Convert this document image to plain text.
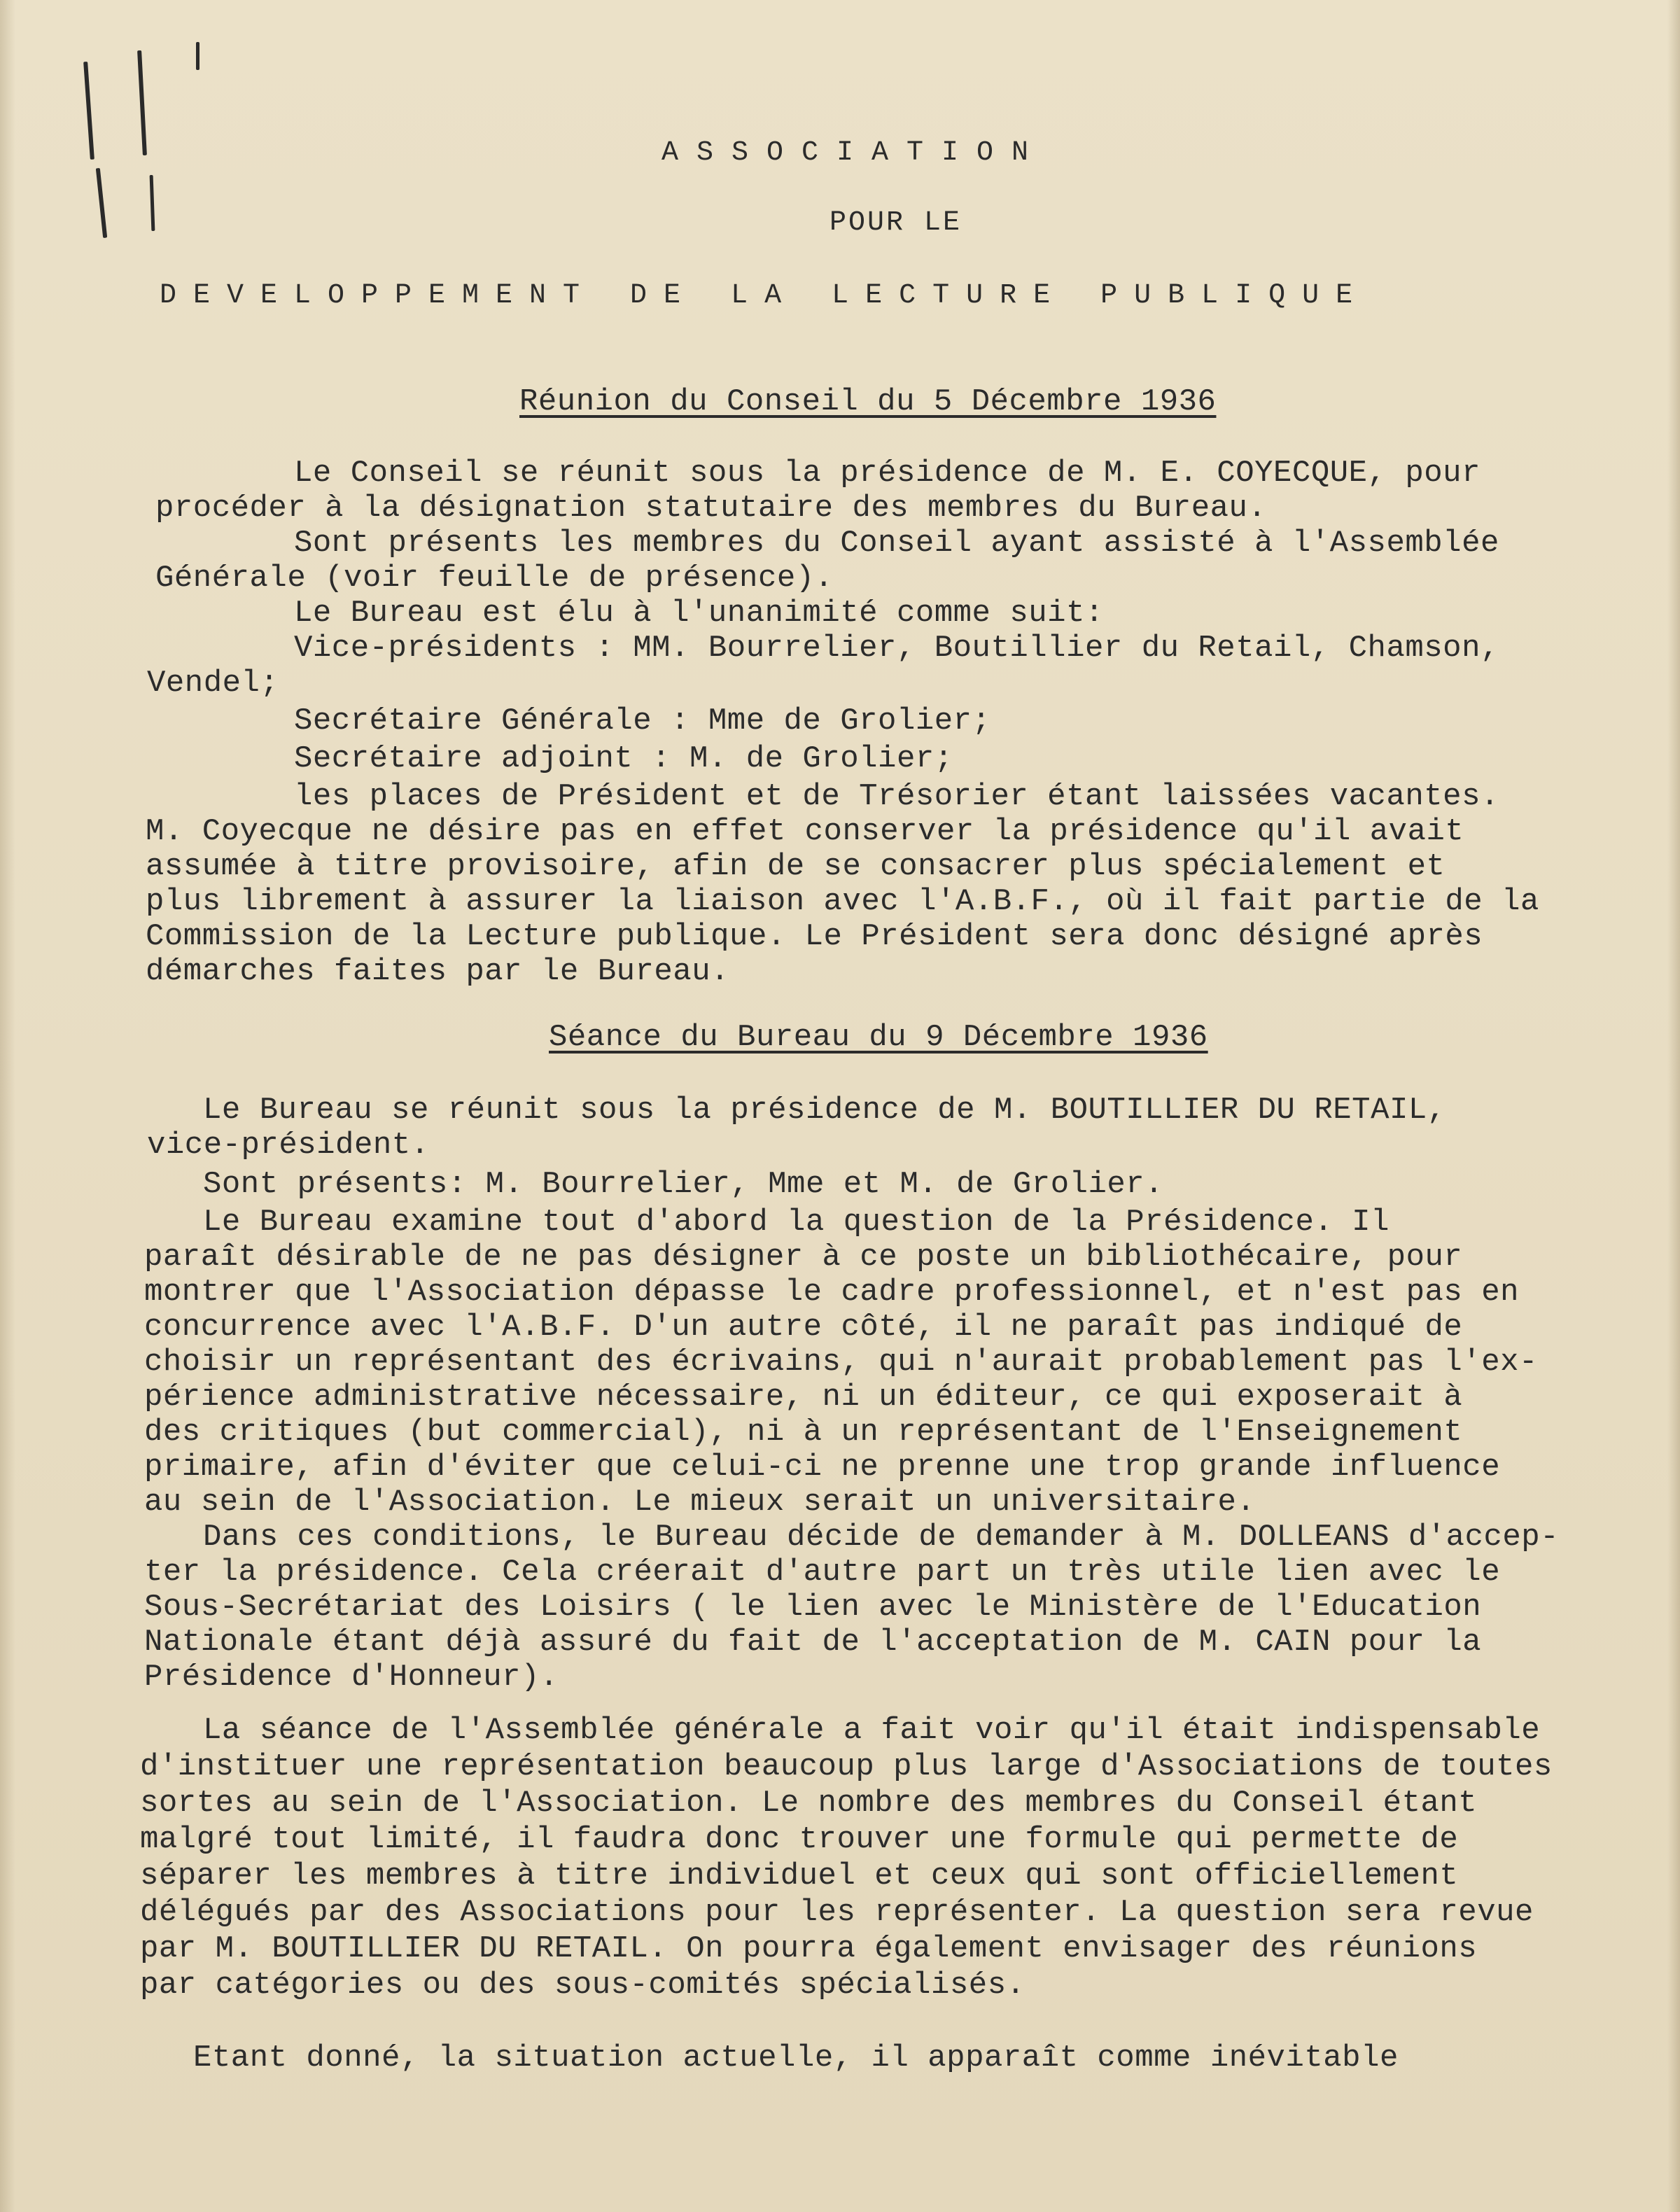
ASSOCIATION
POUR LE
DEVELOPPEMENT DE LA LECTURE PUBLIQUE
Réunion du Conseil du 5 Décembre 1936
Le Conseil se réunit sous la présidence de M. E. COYECQUE, pour
procéder à la désignation statutaire des membres du Bureau.
Sont présents les membres du Conseil ayant assisté à l'Assemblée
Générale (voir feuille de présence).
Le Bureau est élu à l'unanimité comme suit:
Vice-présidents : MM. Bourrelier, Boutillier du Retail, Chamson,
Vendel;
Secrétaire Générale : Mme de Grolier;
Secrétaire adjoint : M. de Grolier;
les places de Président et de Trésorier étant laissées vacantes.
M. Coyecque ne désire pas en effet conserver la présidence qu'il avait
assumée à titre provisoire, afin de se consacrer plus spécialement et
plus librement à assurer la liaison avec l'A.B.F., où il fait partie de la
Commission de la Lecture publique. Le Président sera donc désigné après
démarches faites par le Bureau.
Séance du Bureau du 9 Décembre 1936
Le Bureau se réunit sous la présidence de M. BOUTILLIER DU RETAIL,
vice-président.
Sont présents: M. Bourrelier, Mme et M. de Grolier.
Le Bureau examine tout d'abord la question de la Présidence. Il
paraît désirable de ne pas désigner à ce poste un bibliothécaire, pour
montrer que l'Association dépasse le cadre professionnel, et n'est pas en
concurrence avec l'A.B.F. D'un autre côté, il ne paraît pas indiqué de
choisir un représentant des écrivains, qui n'aurait probablement pas l'ex-
périence administrative nécessaire, ni un éditeur, ce qui exposerait à
des critiques (but commercial), ni à un représentant de l'Enseignement
primaire, afin d'éviter que celui-ci ne prenne une trop grande influence
au sein de l'Association. Le mieux serait un universitaire.
Dans ces conditions, le Bureau décide de demander à M. DOLLEANS d'accep-
ter la présidence. Cela créerait d'autre part un très utile lien avec le
Sous-Secrétariat des Loisirs ( le lien avec le Ministère de l'Education
Nationale étant déjà assuré du fait de l'acceptation de M. CAIN pour la
Présidence d'Honneur).
La séance de l'Assemblée générale a fait voir qu'il était indispensable
d'instituer une représentation beaucoup plus large d'Associations de toutes
sortes au sein de l'Association. Le nombre des membres du Conseil étant
malgré tout limité, il faudra donc trouver une formule qui permette de
séparer les membres à titre individuel et ceux qui sont officiellement
délégués par des Associations pour les représenter. La question sera revue
par M. BOUTILLIER DU RETAIL. On pourra également envisager des réunions
par catégories ou des sous-comités spécialisés.
Etant donné, la situation actuelle, il apparaît comme inévitable
